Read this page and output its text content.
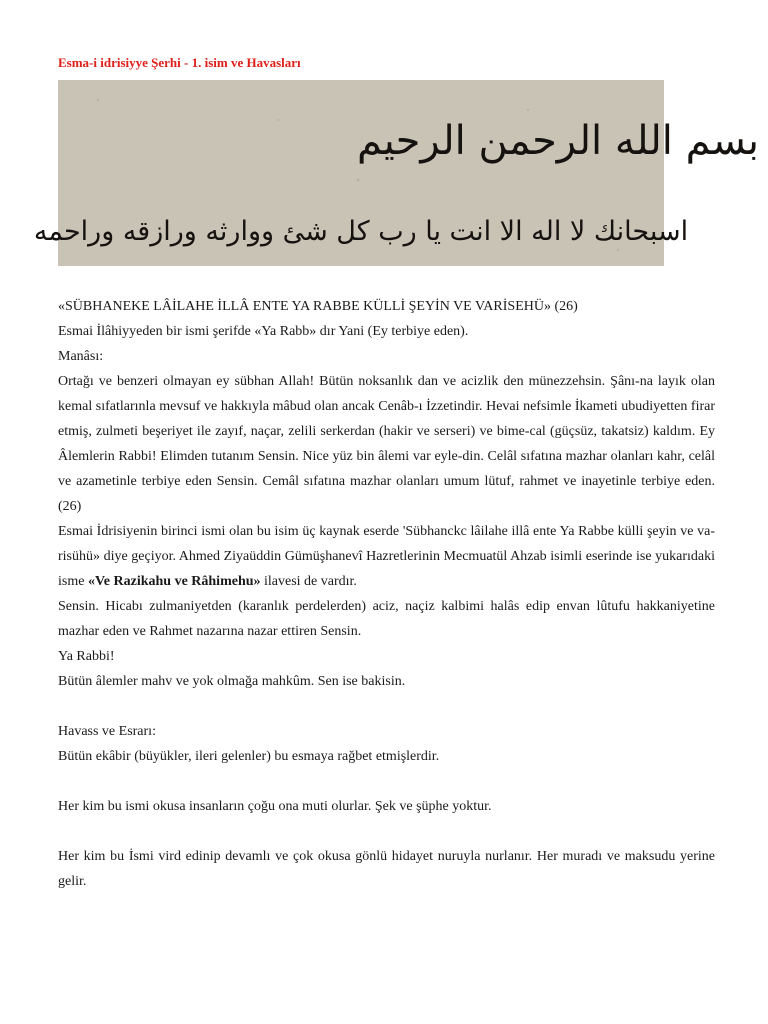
Esma-i idrisiyye Şerhi - 1. isim ve Havasları
بسم الله الرحمن الرحيم
اسبحانك لا اله الا انت يا رب كل شئ ووارثه ورازقه وراحمه

«SÜBHANEKE LÂİLAHE İLLÂ ENTE YA RABBE KÜLLİ ŞEYİN VE VARİSEHÜ» (26)

Esmai İlâhiyyeden bir ismi şerifde «Ya Rabb» dır Yani (Ey terbiye eden).

Manâsı:

Ortağı ve benzeri olmayan ey sübhan Allah! Bütün noksanlık dan ve acizlik den münezzehsin. Şânı-na layık olan kemal sıfatlarınla mevsuf ve hakkıyla mâbud olan ancak Cenâb-ı İzzetindir. Hevai nefsimle İkameti ubudiyetten firar etmiş, zulmeti beşeriyet ile zayıf, naçar, zelili serkerdan (hakir ve serseri) ve bime-cal (güçsüz, takatsiz) kaldım. Ey Âlemlerin Rabbi! Elimden tutanım Sensin. Nice yüz bin âlemi var eyle-din. Celâl sıfatına mazhar olanları kahr, celâl ve azametinle terbiye eden Sensin. Cemâl sıfatına mazhar olanları umum lütuf, rahmet ve inayetinle terbiye eden. (26)

Esmai İdrisiyenin birinci ismi olan bu isim üç kaynak eserde 'Sübhanckc lâilahe illâ ente Ya Rabbe külli şeyin ve va-risühü» diye geçiyor. Ahmed Ziyaüddin Gümüşhanevî Hazretlerinin Mecmuatül Ahzab isimli eserinde ise yukarıdaki isme «Ve Razikahu ve Râhimehu» ilavesi de vardır.

Sensin. Hicabı zulmaniyetden (karanlık perdelerden) aciz, naçiz kalbimi halâs edip envan lûtufu hakkaniyetine mazhar eden ve Rahmet nazarına nazar ettiren Sensin.

Ya Rabbi!

Bütün âlemler mahv ve yok olmağa mahkûm. Sen ise bakisin.

Havass ve Esrarı:

Bütün ekâbir (büyükler, ileri gelenler) bu esmaya rağbet etmişlerdir.

Her kim bu ismi okusa insanların çoğu ona muti olurlar. Şek ve şüphe yoktur.

Her kim bu İsmi vird edinip devamlı ve çok okusa gönlü hidayet nuruyla nurlanır. Her muradı ve maksudu yerine gelir.
